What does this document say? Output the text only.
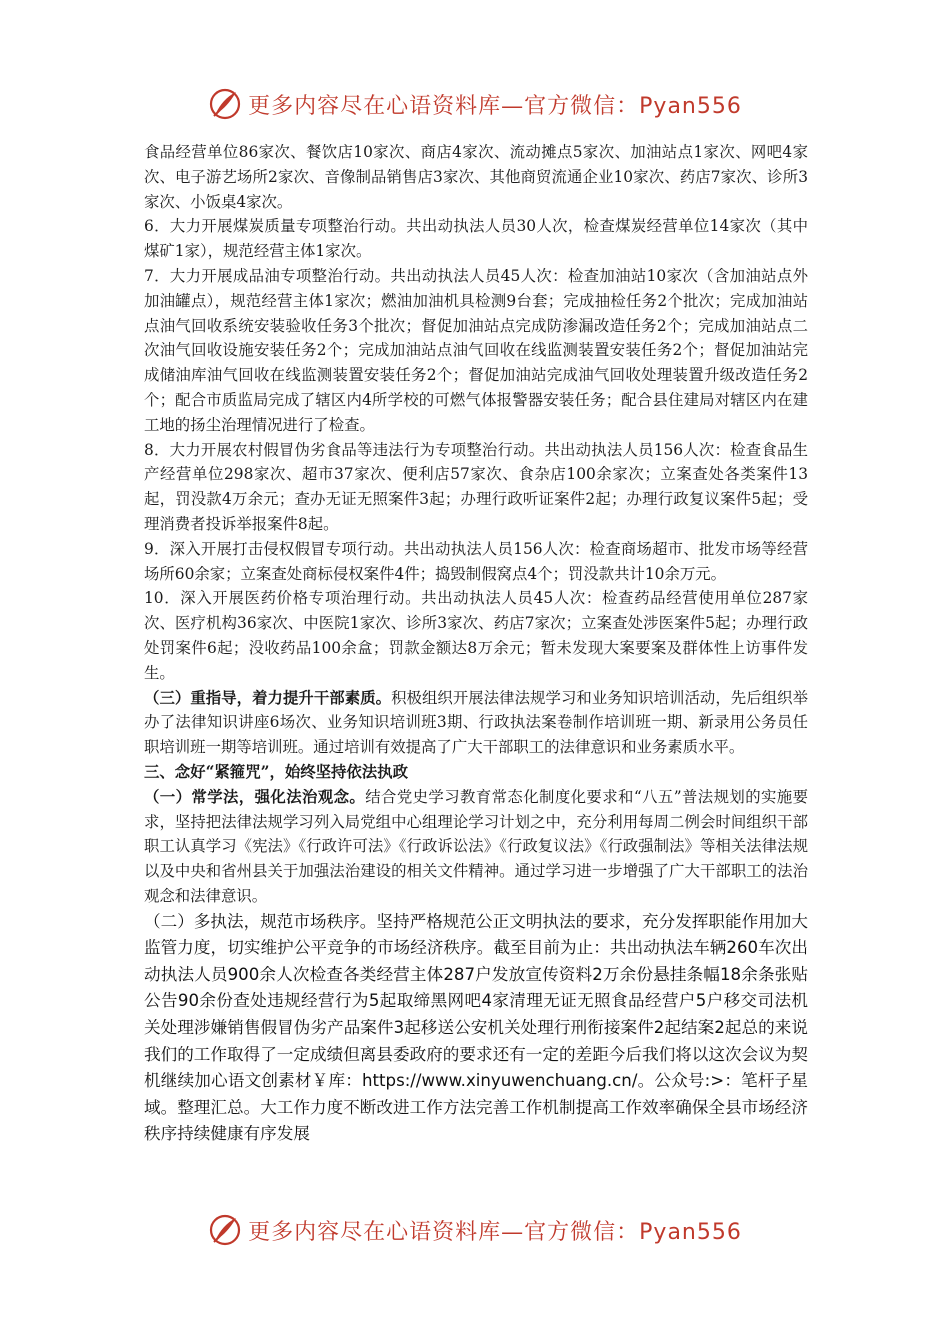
更多内容尽在心语资料库—官方微信：Pyan556

食品经营单位86家次、餐饮店10家次、商店4家次、流动摊点5家次、加油站点1家次、网吧4家次、电子游艺场所2家次、音像制品销售店3家次、其他商贸流通企业10家次、药店7家次、诊所3家次、小饭桌4家次。

6．大力开展煤炭质量专项整治行动。共出动执法人员30人次，检查煤炭经营单位14家次（其中煤矿1家），规范经营主体1家次。

7．大力开展成品油专项整治行动。共出动执法人员45人次：检查加油站10家次（含加油站点外加油罐点），规范经营主体1家次；燃油加油机具检测9台套；完成抽检任务2个批次；完成加油站点油气回收系统安装验收任务3个批次；督促加油站点完成防渗漏改造任务2个；完成加油站点二次油气回收设施安装任务2个；完成加油站点油气回收在线监测装置安装任务2个；督促加油站完成储油库油气回收在线监测装置安装任务2个；督促加油站完成油气回收处理装置升级改造任务2个；配合市质监局完成了辖区内4所学校的可燃气体报警器安装任务；配合县住建局对辖区内在建工地的扬尘治理情况进行了检查。

8．大力开展农村假冒伪劣食品等违法行为专项整治行动。共出动执法人员156人次：检查食品生产经营单位298家次、超市37家次、便利店57家次、食杂店100余家次；立案查处各类案件13起，罚没款4万余元；查办无证无照案件3起；办理行政听证案件2起；办理行政复议案件5起；受理消费者投诉举报案件8起。

9．深入开展打击侵权假冒专项行动。共出动执法人员156人次：检查商场超市、批发市场等经营场所60余家；立案查处商标侵权案件4件；捣毁制假窝点4个；罚没款共计10余万元。

10．深入开展医药价格专项治理行动。共出动执法人员45人次：检查药品经营使用单位287家次、医疗机构36家次、中医院1家次、诊所3家次、药店7家次；立案查处涉医案件5起；办理行政处罚案件6起；没收药品100余盒；罚款金额达8万余元；暂未发现大案要案及群体性上访事件发生。

（三）重指导，着力提升干部素质。积极组织开展法律法规学习和业务知识培训活动，先后组织举办了法律知识讲座6场次、业务知识培训班3期、行政执法案卷制作培训班一期、新录用公务员任职培训班一期等培训班。通过培训有效提高了广大干部职工的法律意识和业务素质水平。

三、念好“紧箍咒”，始终坚持依法执政

（一）常学法，强化法治观念。结合党史学习教育常态化制度化要求和“八五”普法规划的实施要求，坚持把法律法规学习列入局党组中心组理论学习计划之中，充分利用每周二例会时间组织干部职工认真学习《宪法》《行政许可法》《行政诉讼法》《行政复议法》《行政强制法》等相关法律法规以及中央和省州县关于加强法治建设的相关文件精神。通过学习进一步增强了广大干部职工的法治观念和法律意识。

（二）多执法，规范市场秩序。坚持严格规范公正文明执法的要求，充分发挥职能作用加大监管力度，切实维护公平竞争的市场经济秩序。截至目前为止：共出动执法车辆260车次出动执法人员900余人次检查各类经营主体287户发放宣传资料2万余份悬挂条幅18余条张贴公告90余份查处违规经营行为5起取缔黑网吧4家清理无证无照食品经营户5户移交司法机关处理涉嫌销售假冒伪劣产品案件3起移送公安机关处理行刑衔接案件2起结案2起总的来说我们的工作取得了一定成绩但离县委政府的要求还有一定的差距今后我们将以这次会议为契机继续加心语文创素材￥库：https://www.xinyuwenchuang.cn/。公众号:>：笔杆子星域。整理汇总。大工作力度不断改进工作方法完善工作机制提高工作效率确保全县市场经济秩序持续健康有序发展

更多内容尽在心语资料库—官方微信：Pyan556
